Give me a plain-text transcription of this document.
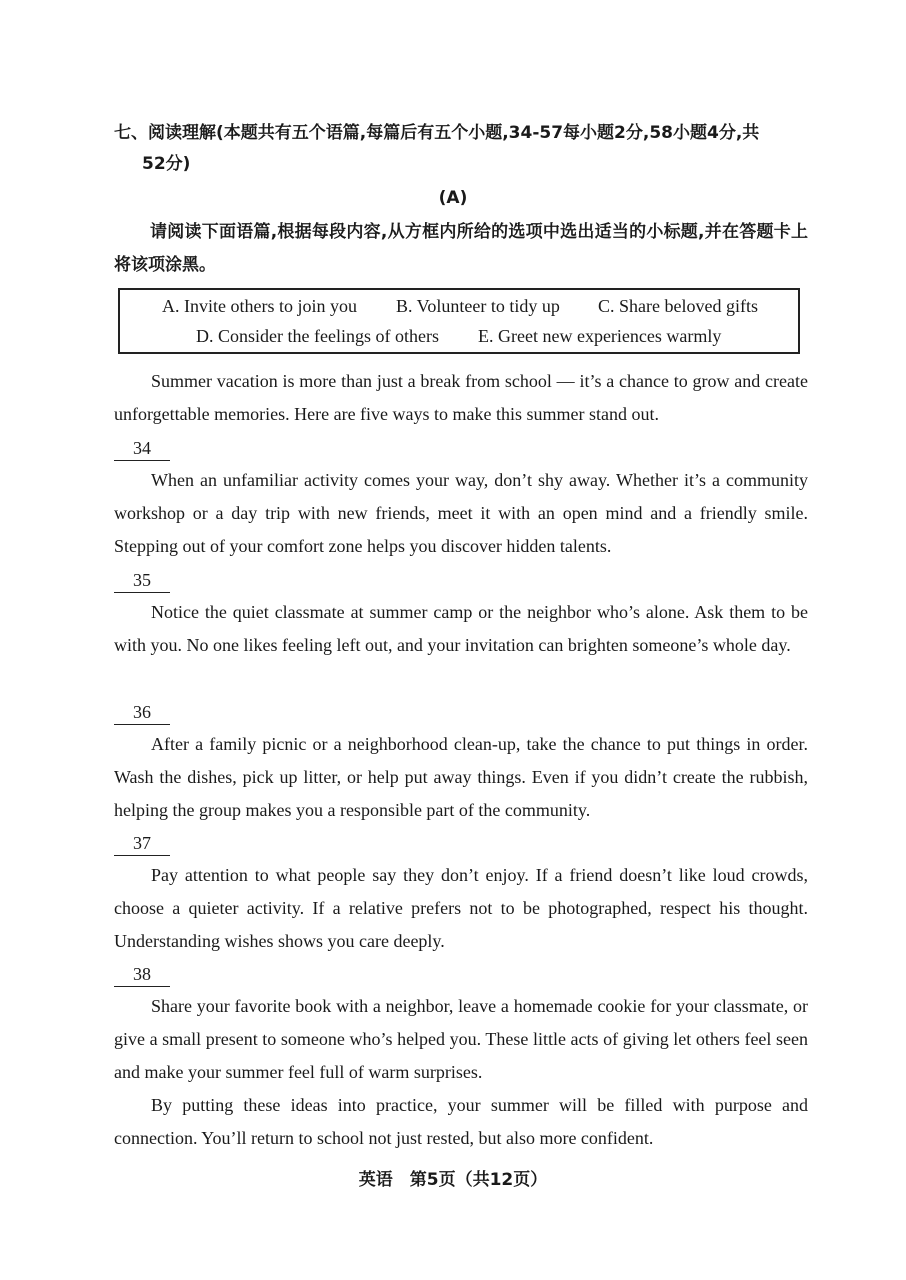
七、阅读理解(本题共有五个语篇,每篇后有五个小题,34-57每小题2分,58小题4分,共
52分)

(A)

请阅读下面语篇,根据每段内容,从方框内所给的选项中选出适当的小标题,并在答题卡上将该项涂黑。

A. Invite others to join you B. Volunteer to tidy up C. Share beloved gifts
D. Consider the feelings of others E. Greet new experiences warmly

Summer vacation is more than just a break from school — it’s a chance to grow and create unforgettable memories. Here are five ways to make this summer stand out.

34

When an unfamiliar activity comes your way, don’t shy away. Whether it’s a community workshop or a day trip with new friends, meet it with an open mind and a friendly smile. Stepping out of your comfort zone helps you discover hidden talents.

35

Notice the quiet classmate at summer camp or the neighbor who’s alone. Ask them to be with you. No one likes feeling left out, and your invitation can brighten someone’s whole day.

36

After a family picnic or a neighborhood clean-up, take the chance to put things in order. Wash the dishes, pick up litter, or help put away things. Even if you didn’t create the rubbish, helping the group makes you a responsible part of the community.

37

Pay attention to what people say they don’t enjoy. If a friend doesn’t like loud crowds, choose a quieter activity. If a relative prefers not to be photographed, respect his thought. Understanding wishes shows you care deeply.

38

Share your favorite book with a neighbor, leave a homemade cookie for your classmate, or give a small present to someone who’s helped you. These little acts of giving let others feel seen and make your summer feel full of warm surprises.

By putting these ideas into practice, your summer will be filled with purpose and connection. You’ll return to school not just rested, but also more confident.

英语　第5页（共12页）
